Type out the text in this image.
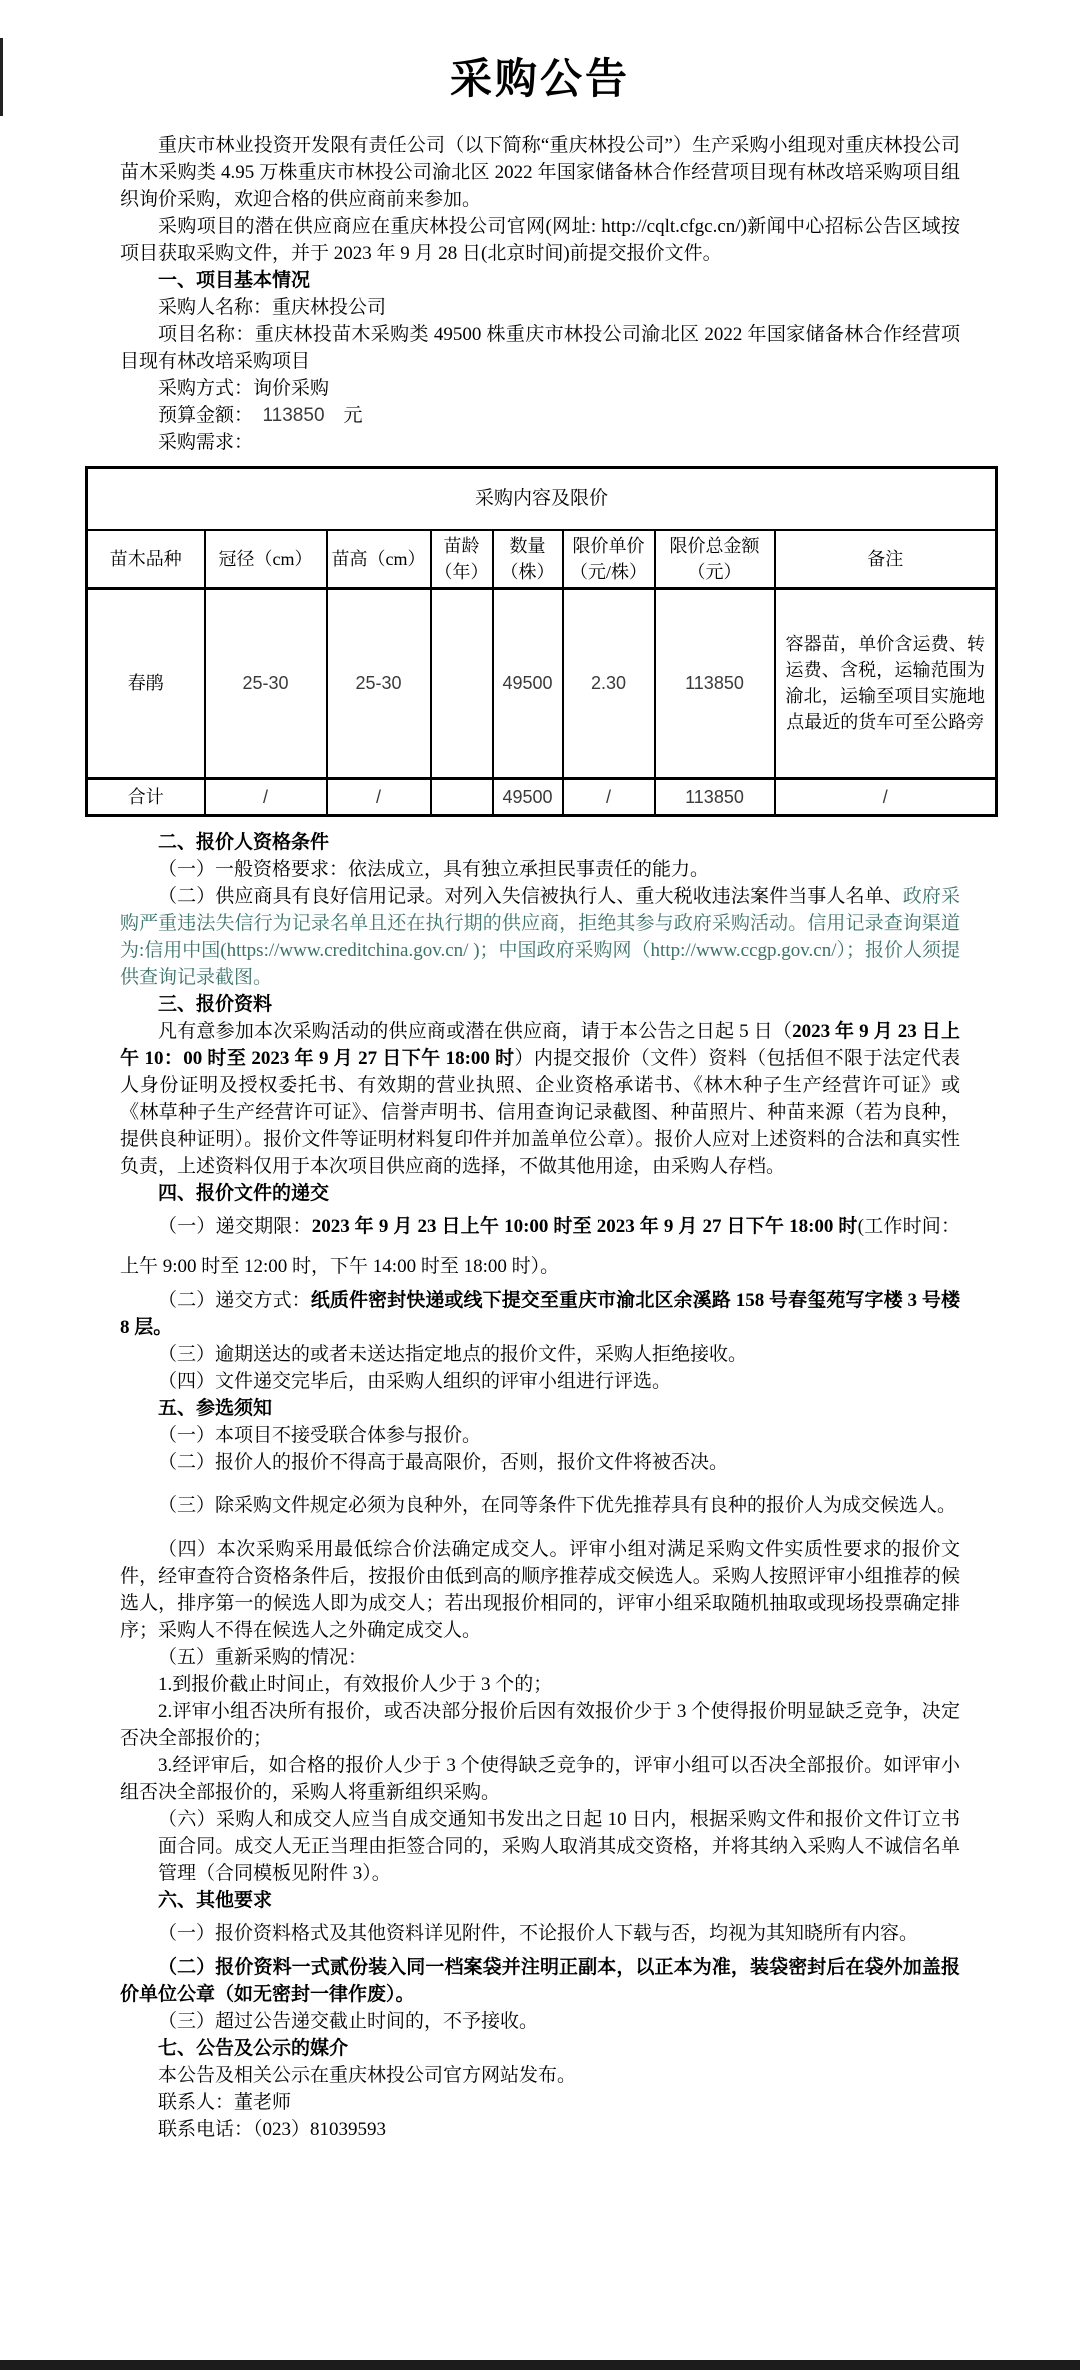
采购公告

重庆市林业投资开发限有责任公司（以下简称“重庆林投公司”）生产采购小组现对重庆林投公司苗木采购类 4.95 万株重庆市林投公司渝北区 2022 年国家储备林合作经营项目现有林改培采购项目组织询价采购，欢迎合格的供应商前来参加。

采购项目的潜在供应商应在重庆林投公司官网(网址: http://cqlt.cfgc.cn/)新闻中心招标公告区域按项目获取采购文件，并于 2023 年 9 月 28 日(北京时间)前提交报价文件。

一、项目基本情况

采购人名称：重庆林投公司

项目名称：重庆林投苗木采购类 49500 株重庆市林投公司渝北区 2022 年国家储备林合作经营项目现有林改培采购项目

采购方式：询价采购

预算金额：　113850　元

采购需求：

采购内容及限价							
苗木品种	冠径（cm）	苗高（cm）	苗龄（年）	数量（株）	限价单价（元/株）	限价总金额（元）	备注
春鹃	25-30	25-30		49500	2.30	113850	容器苗，单价含运费、转运费、含税，运输范围为渝北，运输至项目实施地点最近的货车可至公路旁
合计	/	/		49500	/	113850	/

二、报价人资格条件

（一）一般资格要求：依法成立，具有独立承担民事责任的能力。

（二）供应商具有良好信用记录。对列入失信被执行人、重大税收违法案件当事人名单、政府采购严重违法失信行为记录名单且还在执行期的供应商，拒绝其参与政府采购活动。信用记录查询渠道为:信用中国(https://www.creditchina.gov.cn/ )；中国政府采购网（http://www.ccgp.gov.cn/）；报价人须提供查询记录截图。

三、报价资料

凡有意参加本次采购活动的供应商或潜在供应商，请于本公告之日起 5 日（2023 年 9 月 23 日上午 10：00 时至 2023 年 9 月 27 日下午 18:00 时）内提交报价（文件）资料（包括但不限于法定代表人身份证明及授权委托书、有效期的营业执照、企业资格承诺书、《林木种子生产经营许可证》或《林草种子生产经营许可证》、信誉声明书、信用查询记录截图、种苗照片、种苗来源（若为良种，提供良种证明）。报价文件等证明材料复印件并加盖单位公章）。报价人应对上述资料的合法和真实性负责，上述资料仅用于本次项目供应商的选择，不做其他用途，由采购人存档。

四、报价文件的递交

（一）递交期限：2023 年 9 月 23 日上午 10:00 时至 2023 年 9 月 27 日下午 18:00 时(工作时间：上午 9:00 时至 12:00 时，下午 14:00 时至 18:00 时）。

（二）递交方式：纸质件密封快递或线下提交至重庆市渝北区余溪路 158 号春玺苑写字楼 3 号楼 8 层。

（三）逾期送达的或者未送达指定地点的报价文件，采购人拒绝接收。

（四）文件递交完毕后，由采购人组织的评审小组进行评选。

五、参选须知

（一）本项目不接受联合体参与报价。

（二）报价人的报价不得高于最高限价，否则，报价文件将被否决。

（三）除采购文件规定必须为良种外，在同等条件下优先推荐具有良种的报价人为成交候选人。

（四）本次采购采用最低综合价法确定成交人。评审小组对满足采购文件实质性要求的报价文件，经审查符合资格条件后，按报价由低到高的顺序推荐成交候选人。采购人按照评审小组推荐的候选人，排序第一的候选人即为成交人；若出现报价相同的，评审小组采取随机抽取或现场投票确定排序；采购人不得在候选人之外确定成交人。

（五）重新采购的情况：

1.到报价截止时间止，有效报价人少于 3 个的；

2.评审小组否决所有报价，或否决部分报价后因有效报价少于 3 个使得报价明显缺乏竞争，决定否决全部报价的；

3.经评审后，如合格的报价人少于 3 个使得缺乏竞争的，评审小组可以否决全部报价。如评审小组否决全部报价的，采购人将重新组织采购。

（六）采购人和成交人应当自成交通知书发出之日起 10 日内，根据采购文件和报价文件订立书面合同。成交人无正当理由拒签合同的，采购人取消其成交资格，并将其纳入采购人不诚信名单管理（合同模板见附件 3）。

六、其他要求

（一）报价资料格式及其他资料详见附件，不论报价人下载与否，均视为其知晓所有内容。

（二）报价资料一式贰份装入同一档案袋并注明正副本，以正本为准，装袋密封后在袋外加盖报价单位公章（如无密封一律作废）。

（三）超过公告递交截止时间的，不予接收。

七、公告及公示的媒介

本公告及相关公示在重庆林投公司官方网站发布。

联系人：董老师

联系电话：（023）81039593
